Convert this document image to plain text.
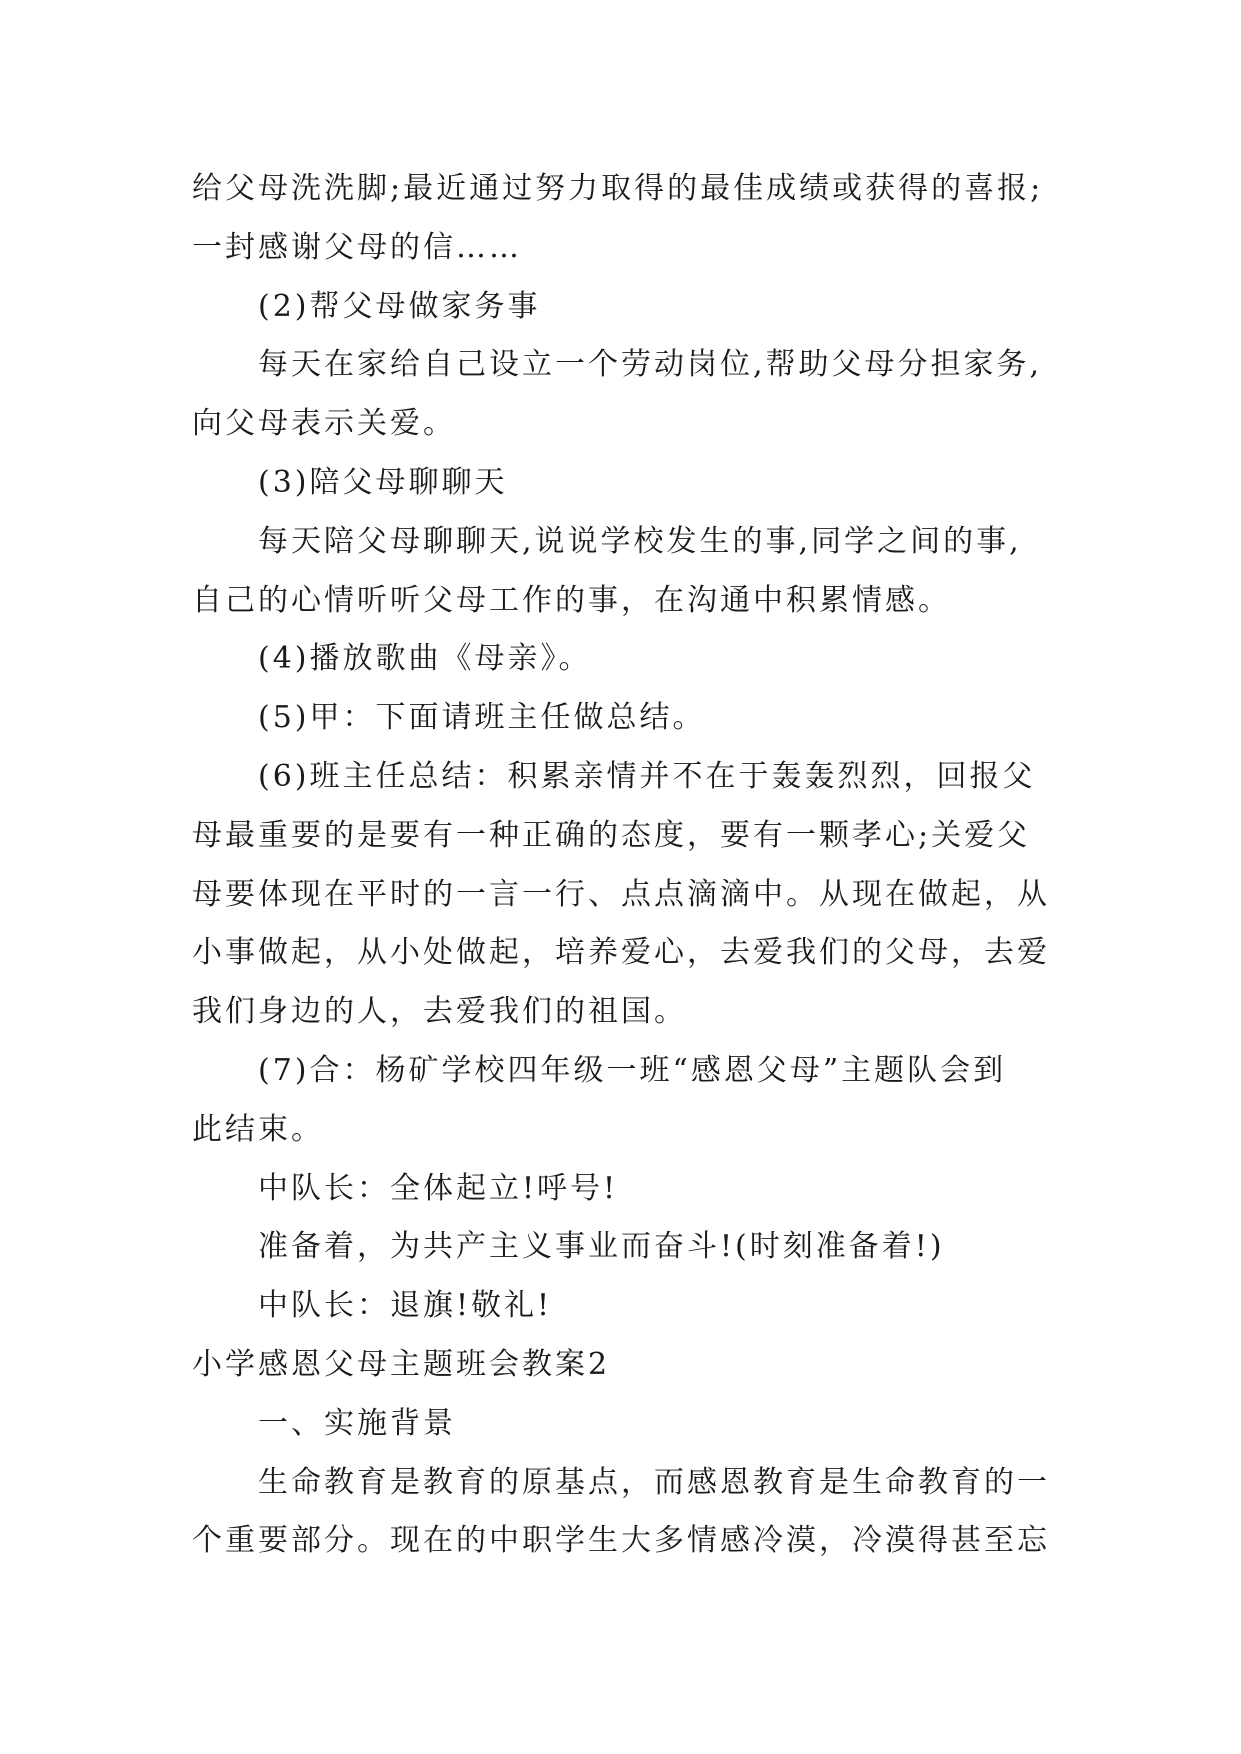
给父母洗洗脚;最近通过努力取得的最佳成绩或获得的喜报;
一封感谢父母的信……
(2)帮父母做家务事
每天在家给自己设立一个劳动岗位,帮助父母分担家务,
向父母表示关爱。
(3)陪父母聊聊天
每天陪父母聊聊天,说说学校发生的事,同学之间的事,
自己的心情听听父母工作的事，在沟通中积累情感。
(4)播放歌曲《母亲》。
(5)甲：下面请班主任做总结。
(6)班主任总结：积累亲情并不在于轰轰烈烈，回报父
母最重要的是要有一种正确的态度，要有一颗孝心;关爱父
母要体现在平时的一言一行、点点滴滴中。从现在做起，从
小事做起，从小处做起，培养爱心，去爱我们的父母，去爱
我们身边的人，去爱我们的祖国。
(7)合：杨矿学校四年级一班“感恩父母”主题队会到
此结束。
中队长：全体起立!呼号!
准备着，为共产主义事业而奋斗!(时刻准备着!)
中队长：退旗!敬礼!
小学感恩父母主题班会教案2
一、实施背景
生命教育是教育的原基点，而感恩教育是生命教育的一
个重要部分。现在的中职学生大多情感冷漠，冷漠得甚至忘
